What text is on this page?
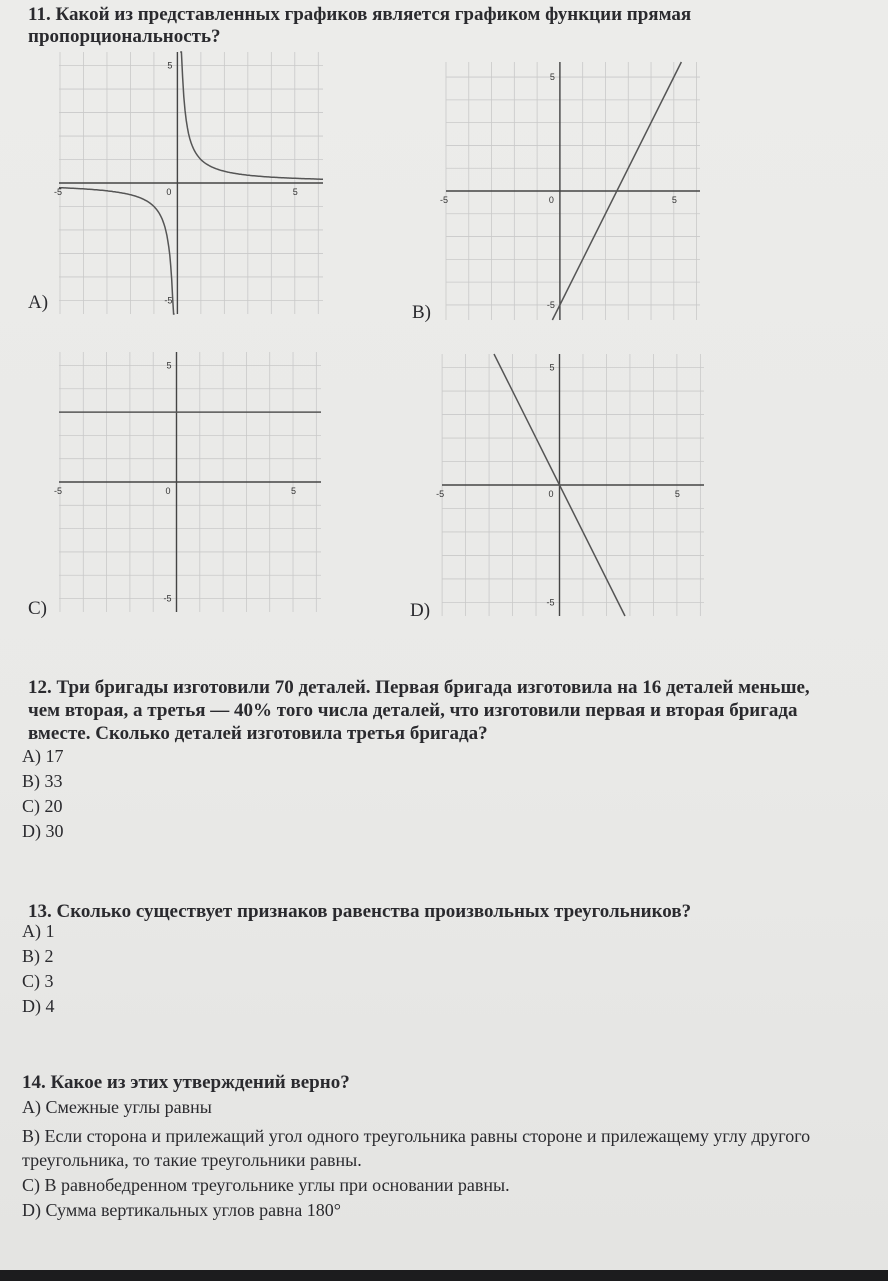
11. Какой из представленных графиков является графиком функции прямая пропорциональность?
-5	0	5
5
-5
A)
-5	0	5
5
-5
B)
-5	0	5
5
-5
C)
-5	0	5
5
-5
D)
12. Три бригады изготовили 70 деталей. Первая бригада изготовила на 16 деталей меньше, чем вторая, а третья — 40% того числа деталей, что изготовили первая и вторая бригада вместе. Сколько деталей изготовила третья бригада?
A) 17
B) 33
C) 20
D) 30
13. Сколько существует признаков равенства произвольных треугольников?
A) 1
B) 2
C) 3
D) 4
14. Какое из этих утверждений верно?
A) Смежные углы равны
B) Если сторона и прилежащий угол одного треугольника равны стороне и прилежащему углу другого треугольника, то такие треугольники равны.
C) В равнобедренном треугольнике углы при основании равны.
D) Сумма вертикальных углов равна 180°
